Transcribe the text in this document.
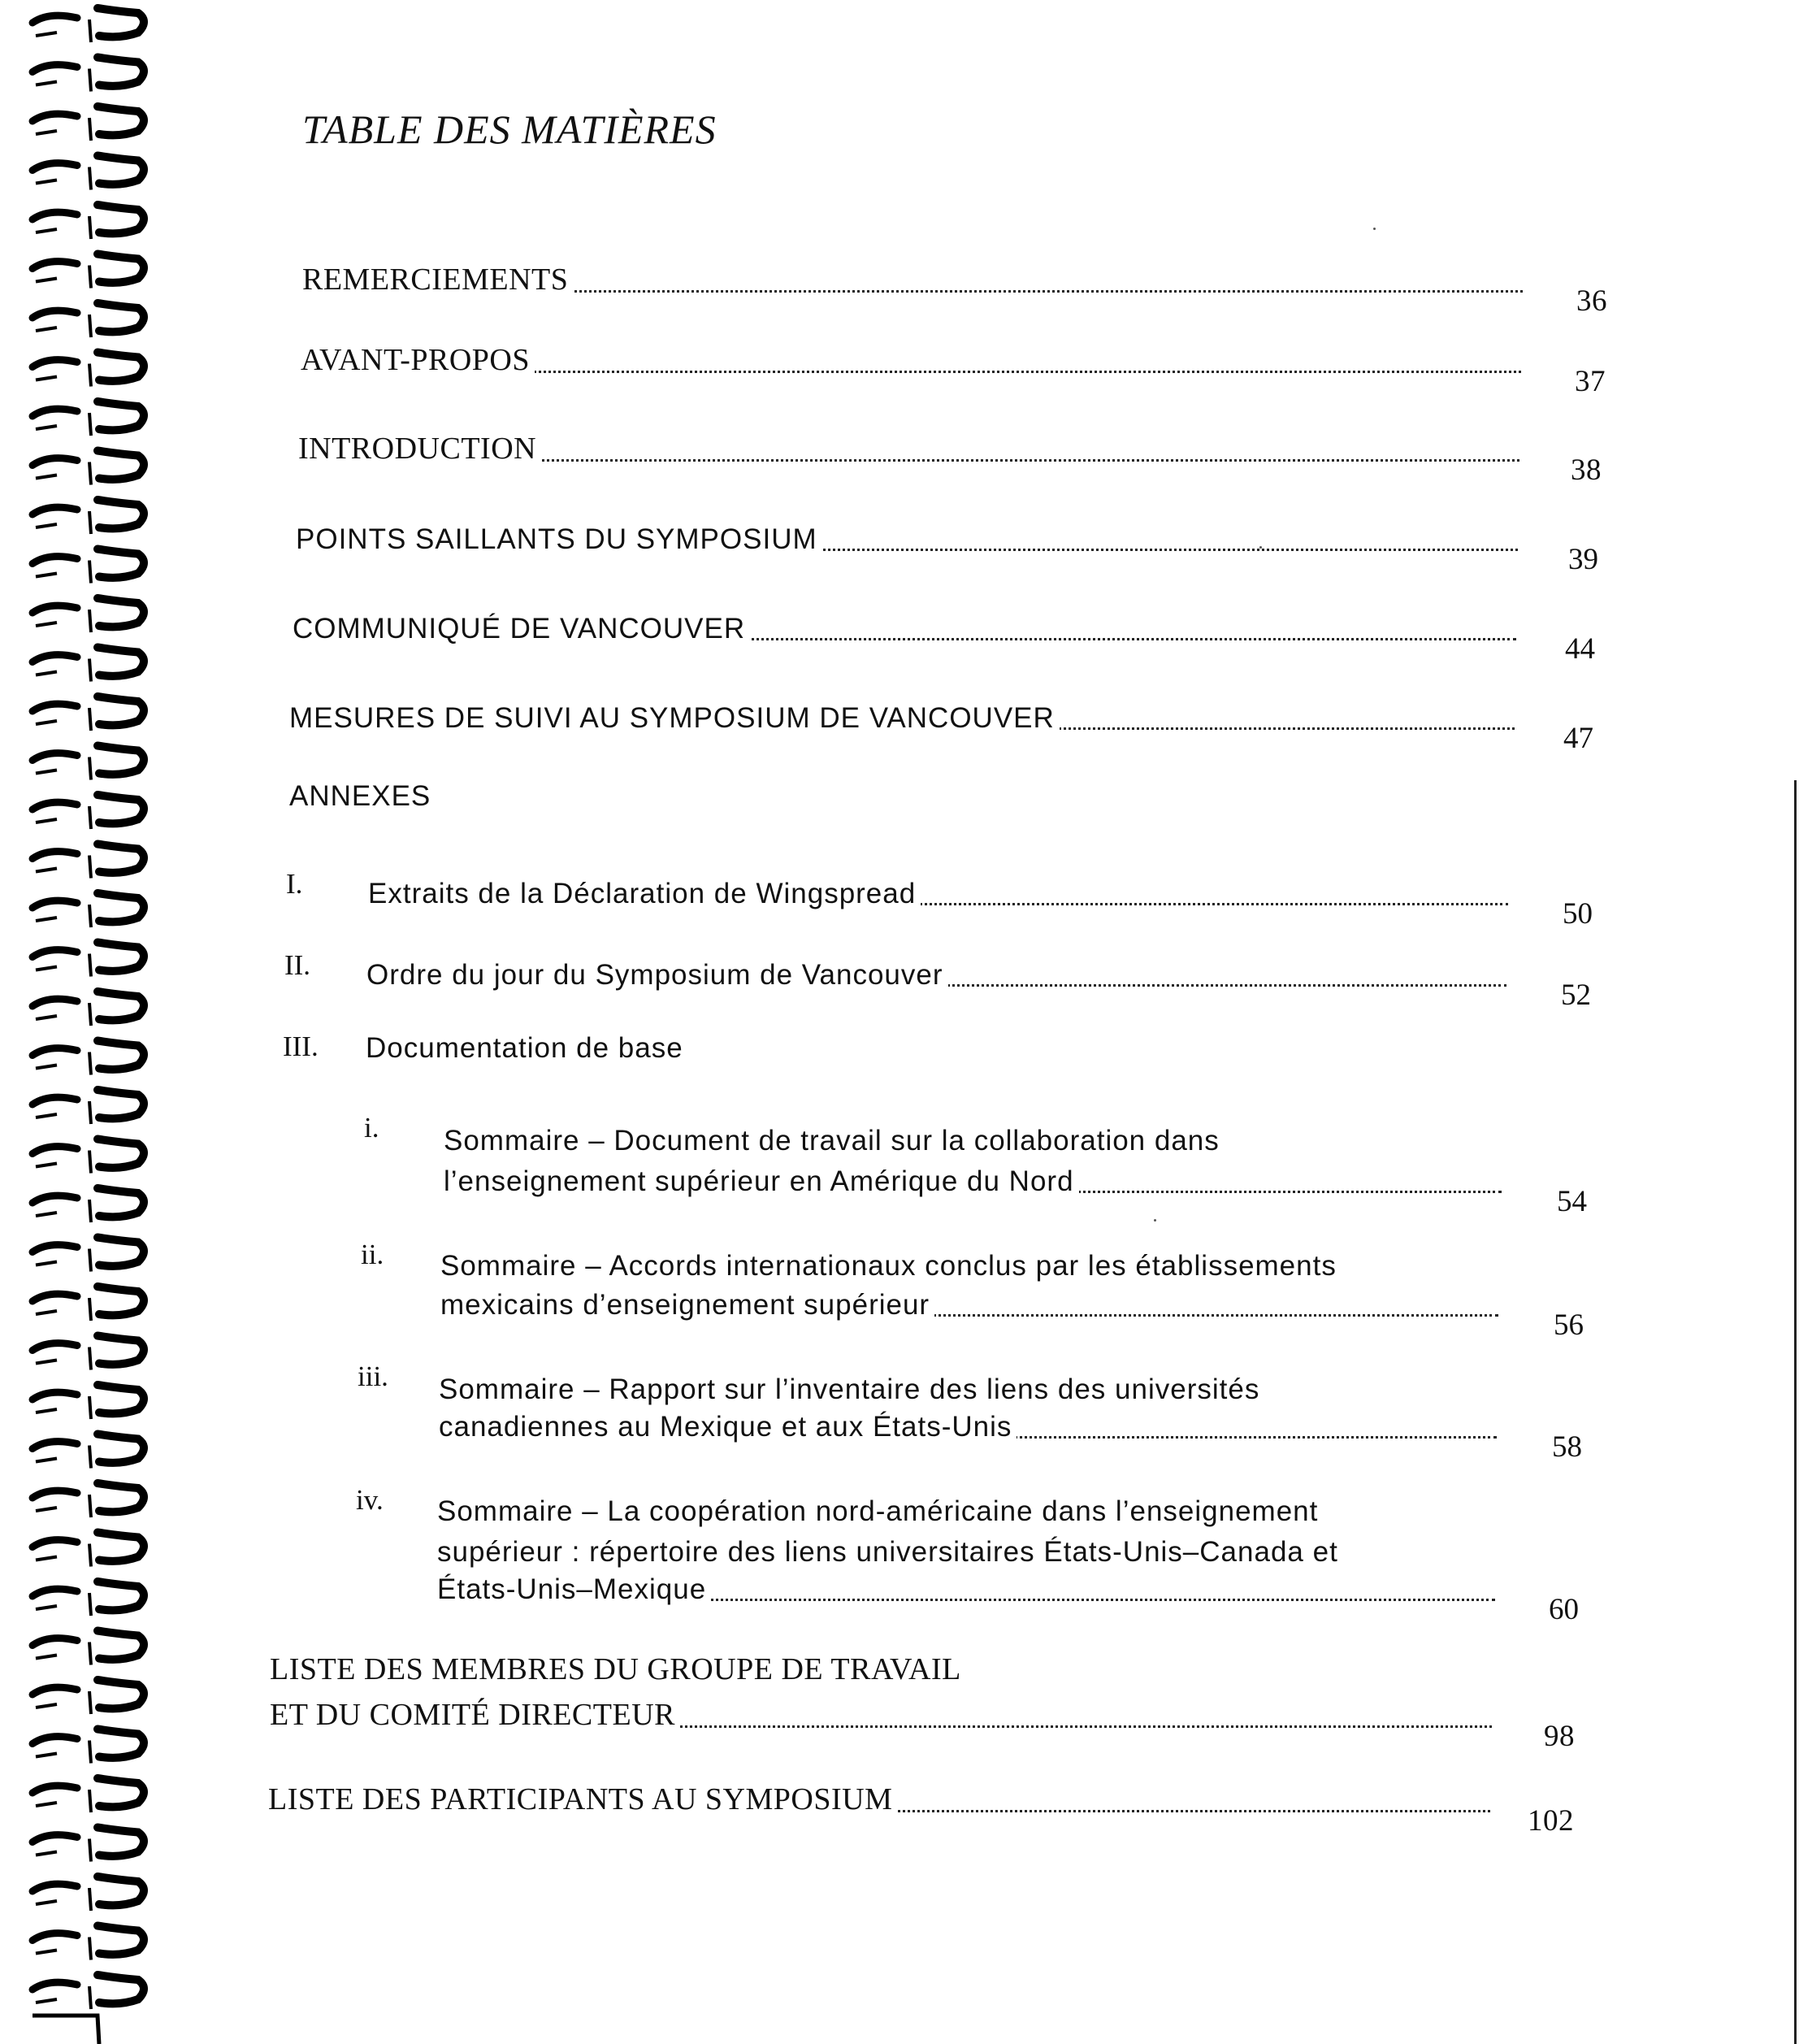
TABLE DES MATIÈRES
REMERCIEMENTS
36
AVANT-PROPOS
37
INTRODUCTION
38
POINTS SAILLANTS DU SYMPOSIUM
39
COMMUNIQUÉ DE VANCOUVER
44
MESURES DE SUIVI AU SYMPOSIUM DE VANCOUVER
47
ANNEXES
I. Extraits de la Déclaration de Wingspread
50
II. Ordre du jour du Symposium de Vancouver
52
III. Documentation de base
i. Sommaire – Document de travail sur la collaboration dans
l’enseignement supérieur en Amérique du Nord
54
ii. Sommaire – Accords internationaux conclus par les établissements
mexicains d’enseignement supérieur
56
iii. Sommaire – Rapport sur l’inventaire des liens des universités
canadiennes au Mexique et aux États-Unis
58
iv. Sommaire – La coopération nord-américaine dans l’enseignement
supérieur : répertoire des liens universitaires États-Unis–Canada et
États-Unis–Mexique
60
LISTE DES MEMBRES DU GROUPE DE TRAVAIL
ET DU COMITÉ DIRECTEUR
98
LISTE DES PARTICIPANTS AU SYMPOSIUM
102
